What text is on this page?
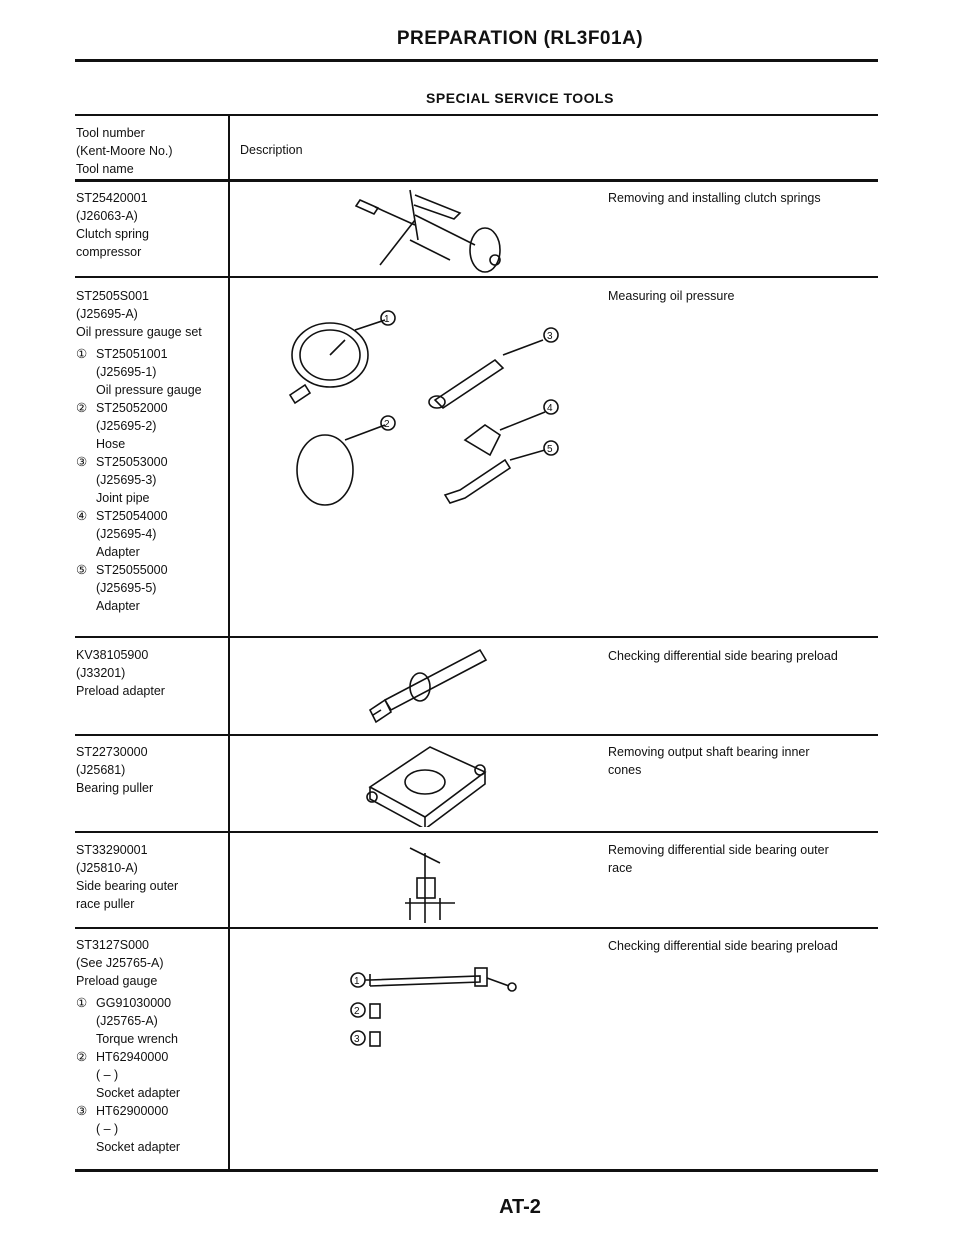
PREPARATION (RL3F01A)
SPECIAL SERVICE TOOLS
Tool number
(Kent-Moore No.)
Tool name
Description
ST25420001
(J26063-A)
Clutch spring
compressor
Removing and installing clutch springs
ST2505S001
(J25695-A)
Oil pressure gauge set
① ST25051001
(J25695-1)
Oil pressure gauge
② ST25052000
(J25695-2)
Hose
③ ST25053000
(J25695-3)
Joint pipe
④ ST25054000
(J25695-4)
Adapter
⑤ ST25055000
(J25695-5)
Adapter
1
2
3
4
5
Measuring oil pressure
KV38105900
(J33201)
Preload adapter
Checking differential side bearing preload
ST22730000
(J25681)
Bearing puller
Removing output shaft bearing inner
cones
ST33290001
(J25810-A)
Side bearing outer
race puller
Removing differential side bearing outer
race
ST3127S000
(See J25765-A)
Preload gauge
① GG91030000
(J25765-A)
Torque wrench
② HT62940000
( – )
Socket adapter
③ HT62900000
( – )
Socket adapter
1
2
3
Checking differential side bearing preload
AT-2
